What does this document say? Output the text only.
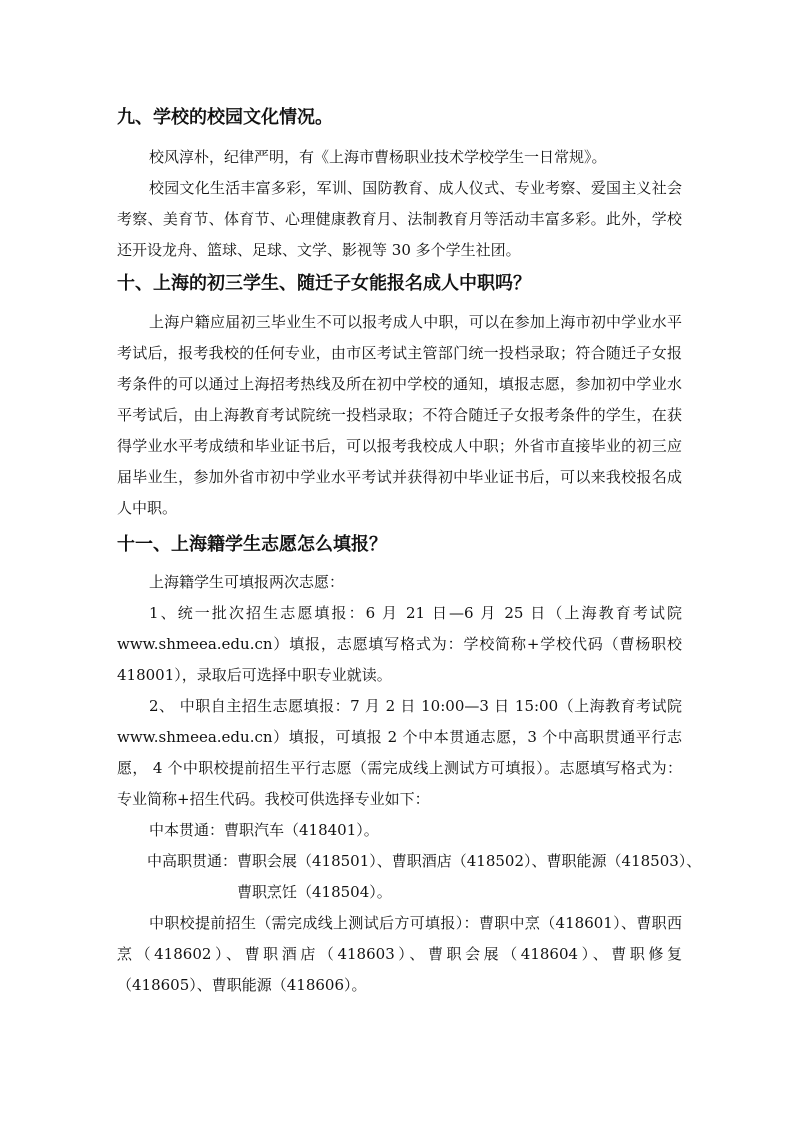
九、学校的校园文化情况。

校风淳朴，纪律严明，有《上海市曹杨职业技术学校学生一日常规》。

校园文化生活丰富多彩，军训、国防教育、成人仪式、专业考察、爱国主义社会考察、美育节、体育节、心理健康教育月、法制教育月等活动丰富多彩。此外，学校还开设龙舟、篮球、足球、文学、影视等 30 多个学生社团。

十、上海的初三学生、随迁子女能报名成人中职吗？

上海户籍应届初三毕业生不可以报考成人中职，可以在参加上海市初中学业水平考试后，报考我校的任何专业，由市区考试主管部门统一投档录取；符合随迁子女报考条件的可以通过上海招考热线及所在初中学校的通知，填报志愿，参加初中学业水平考试后，由上海教育考试院统一投档录取；不符合随迁子女报考条件的学生，在获得学业水平考成绩和毕业证书后，可以报考我校成人中职；外省市直接毕业的初三应届毕业生，参加外省市初中学业水平考试并获得初中毕业证书后，可以来我校报名成人中职。

十一、上海籍学生志愿怎么填报？

上海籍学生可填报两次志愿：

1、统一批次招生志愿填报：6 月 21 日—6 月 25 日（上海教育考试院 www.shmeea.edu.cn）填报，志愿填写格式为：学校简称+学校代码（曹杨职校 418001），录取后可选择中职专业就读。

2、 中职自主招生志愿填报：7 月 2 日 10:00—3 日 15:00（上海教育考试院 www.shmeea.edu.cn）填报，可填报 2 个中本贯通志愿，3 个中高职贯通平行志愿， 4 个中职校提前招生平行志愿（需完成线上测试方可填报）。志愿填写格式为：专业简称+招生代码。我校可供选择专业如下：

中本贯通：曹职汽车（418401）。

中高职贯通：曹职会展（418501）、曹职酒店（418502）、曹职能源（418503）、

曹职烹饪（418504）。

中职校提前招生（需完成线上测试后方可填报）：曹职中烹（418601）、曹职西烹（418602）、曹职酒店（418603）、曹职会展（418604）、曹职修复（418605）、曹职能源（418606）。
